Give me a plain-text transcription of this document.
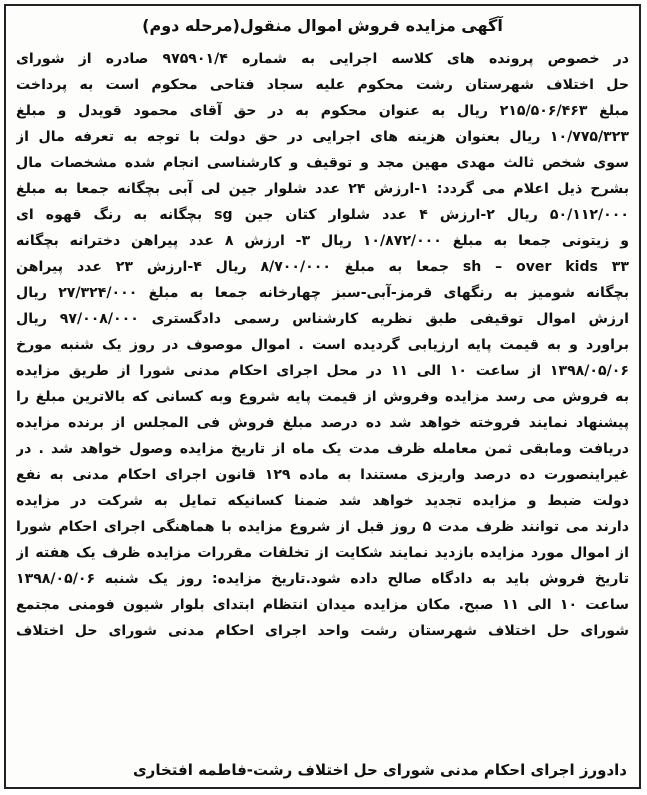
آگهی مزایده فروش اموال منقول(مرحله دوم)
در خصوص پرونده های کلاسه اجرایی به شماره ۹۷۵۹۰۱/۴ صادره از شورای
حل اختلاف شهرستان رشت محکوم علیه سجاد فتاحی محکوم است به پرداخت
مبلغ ۲۱۵/۵۰۶/۴۶۳ ریال به عنوان محکوم به در حق آقای محمود قویدل و مبلغ
۱۰/۷۷۵/۳۲۳ ریال بعنوان هزینه های اجرایی در حق دولت با توجه به تعرفه مال از
سوی شخص ثالث مهدی مهین مجد و توقیف و کارشناسی انجام شده مشخصات مال
بشرح ذیل اعلام می گردد: ۱-ارزش ۲۴ عدد شلوار جین لی آبی بچگانه جمعا به مبلغ
۵۰/۱۱۲/۰۰۰ ریال ۲-ارزش ۴ عدد شلوار کتان جین sg بچگانه به رنگ قهوه ای
و زیتونی جمعا به مبلغ ۱۰/۸۷۲/۰۰۰ ریال ۳- ارزش ۸ عدد پیراهن دخترانه بچگانه
sh – over kids ۳۳ جمعا به مبلغ ۸/۷۰۰/۰۰۰ ریال ۴-ارزش ۲۳ عدد پیراهن
بچگانه شومیز به رنگهای قرمز-آبی-سبز چهارخانه جمعا به مبلغ ۲۷/۳۲۴/۰۰۰ ریال
ارزش اموال توقیفی طبق نظریه کارشناس رسمی دادگستری ۹۷/۰۰۸/۰۰۰ ریال
براورد و به قیمت پایه ارزیابی گردیده است . اموال موصوف در روز یک شنبه مورخ
۱۳۹۸/۰۵/۰۶ از ساعت ۱۰ الی ۱۱ در محل اجرای احکام مدنی شورا از طریق مزایده
به فروش می رسد مزایده وفروش از قیمت پایه شروع وبه کسانی که بالاترین مبلغ را
پیشنهاد نمایند فروخته خواهد شد ده درصد مبلغ فروش فی المجلس از برنده مزایده
دریافت ومابقی ثمن معامله ظرف مدت یک ماه از تاریخ مزایده وصول خواهد شد . در
غیراینصورت ده درصد واریزی مستندا به ماده ۱۲۹ قانون اجرای احکام مدنی به نفع
دولت ضبط و مزایده تجدید خواهد شد ضمنا کسانیکه تمایل به شرکت در مزایده
دارند می توانند ظرف مدت ۵ روز قبل از شروع مزایده با هماهنگی اجرای احکام شورا
از اموال مورد مزایده بازدید نمایند شکایت از تخلفات مقررات مزایده ظرف یک هفته از
تاریخ فروش باید به دادگاه صالح داده شود.تاریخ مزایده: روز یک شنبه ۱۳۹۸/۰۵/۰۶
ساعت ۱۰ الی ۱۱ صبح. مکان مزایده میدان انتظام ابتدای بلوار شیون فومنی مجتمع
شورای حل اختلاف شهرستان رشت واحد اجرای احکام مدنی شورای حل اختلاف
دادورز اجرای احکام مدنی شورای حل اختلاف رشت-فاطمه افتخاری
